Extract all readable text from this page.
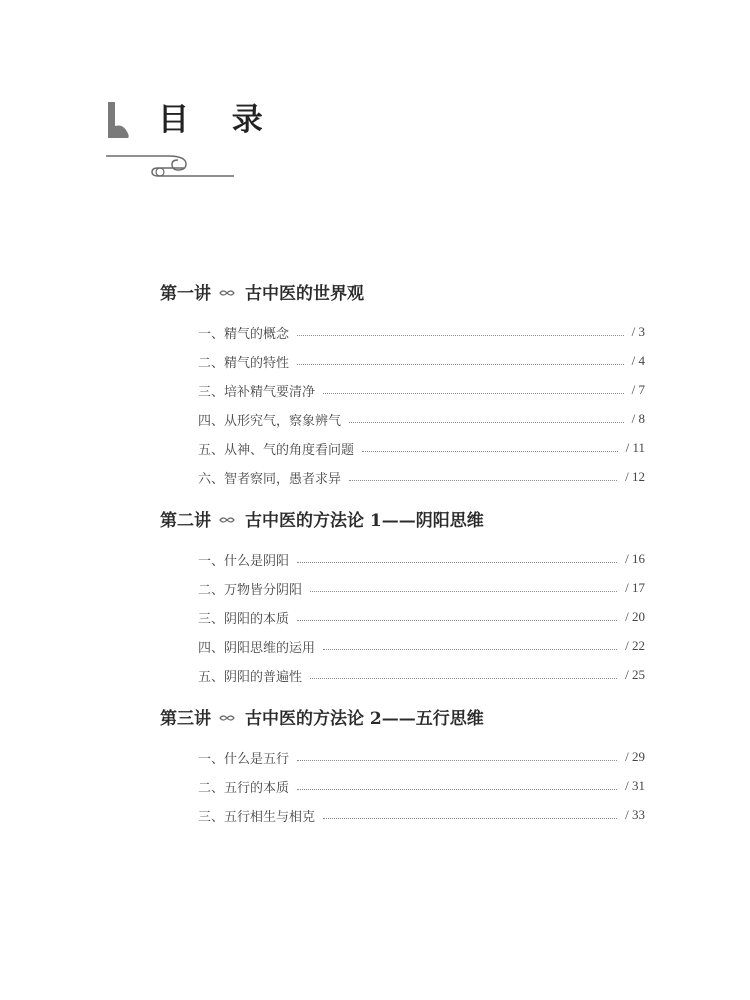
目 录
第一讲 古中医的世界观
一、精气的概念	/ 3
二、精气的特性	/ 4
三、培补精气要清净	/ 7
四、从形究气，察象辨气	/ 8
五、从神、气的角度看问题	/ 11
六、智者察同，愚者求异	/ 12
第二讲 古中医的方法论 1——阴阳思维
一、什么是阴阳	/ 16
二、万物皆分阴阳	/ 17
三、阴阳的本质	/ 20
四、阴阳思维的运用	/ 22
五、阴阳的普遍性	/ 25
第三讲 古中医的方法论 2——五行思维
一、什么是五行	/ 29
二、五行的本质	/ 31
三、五行相生与相克	/ 33
